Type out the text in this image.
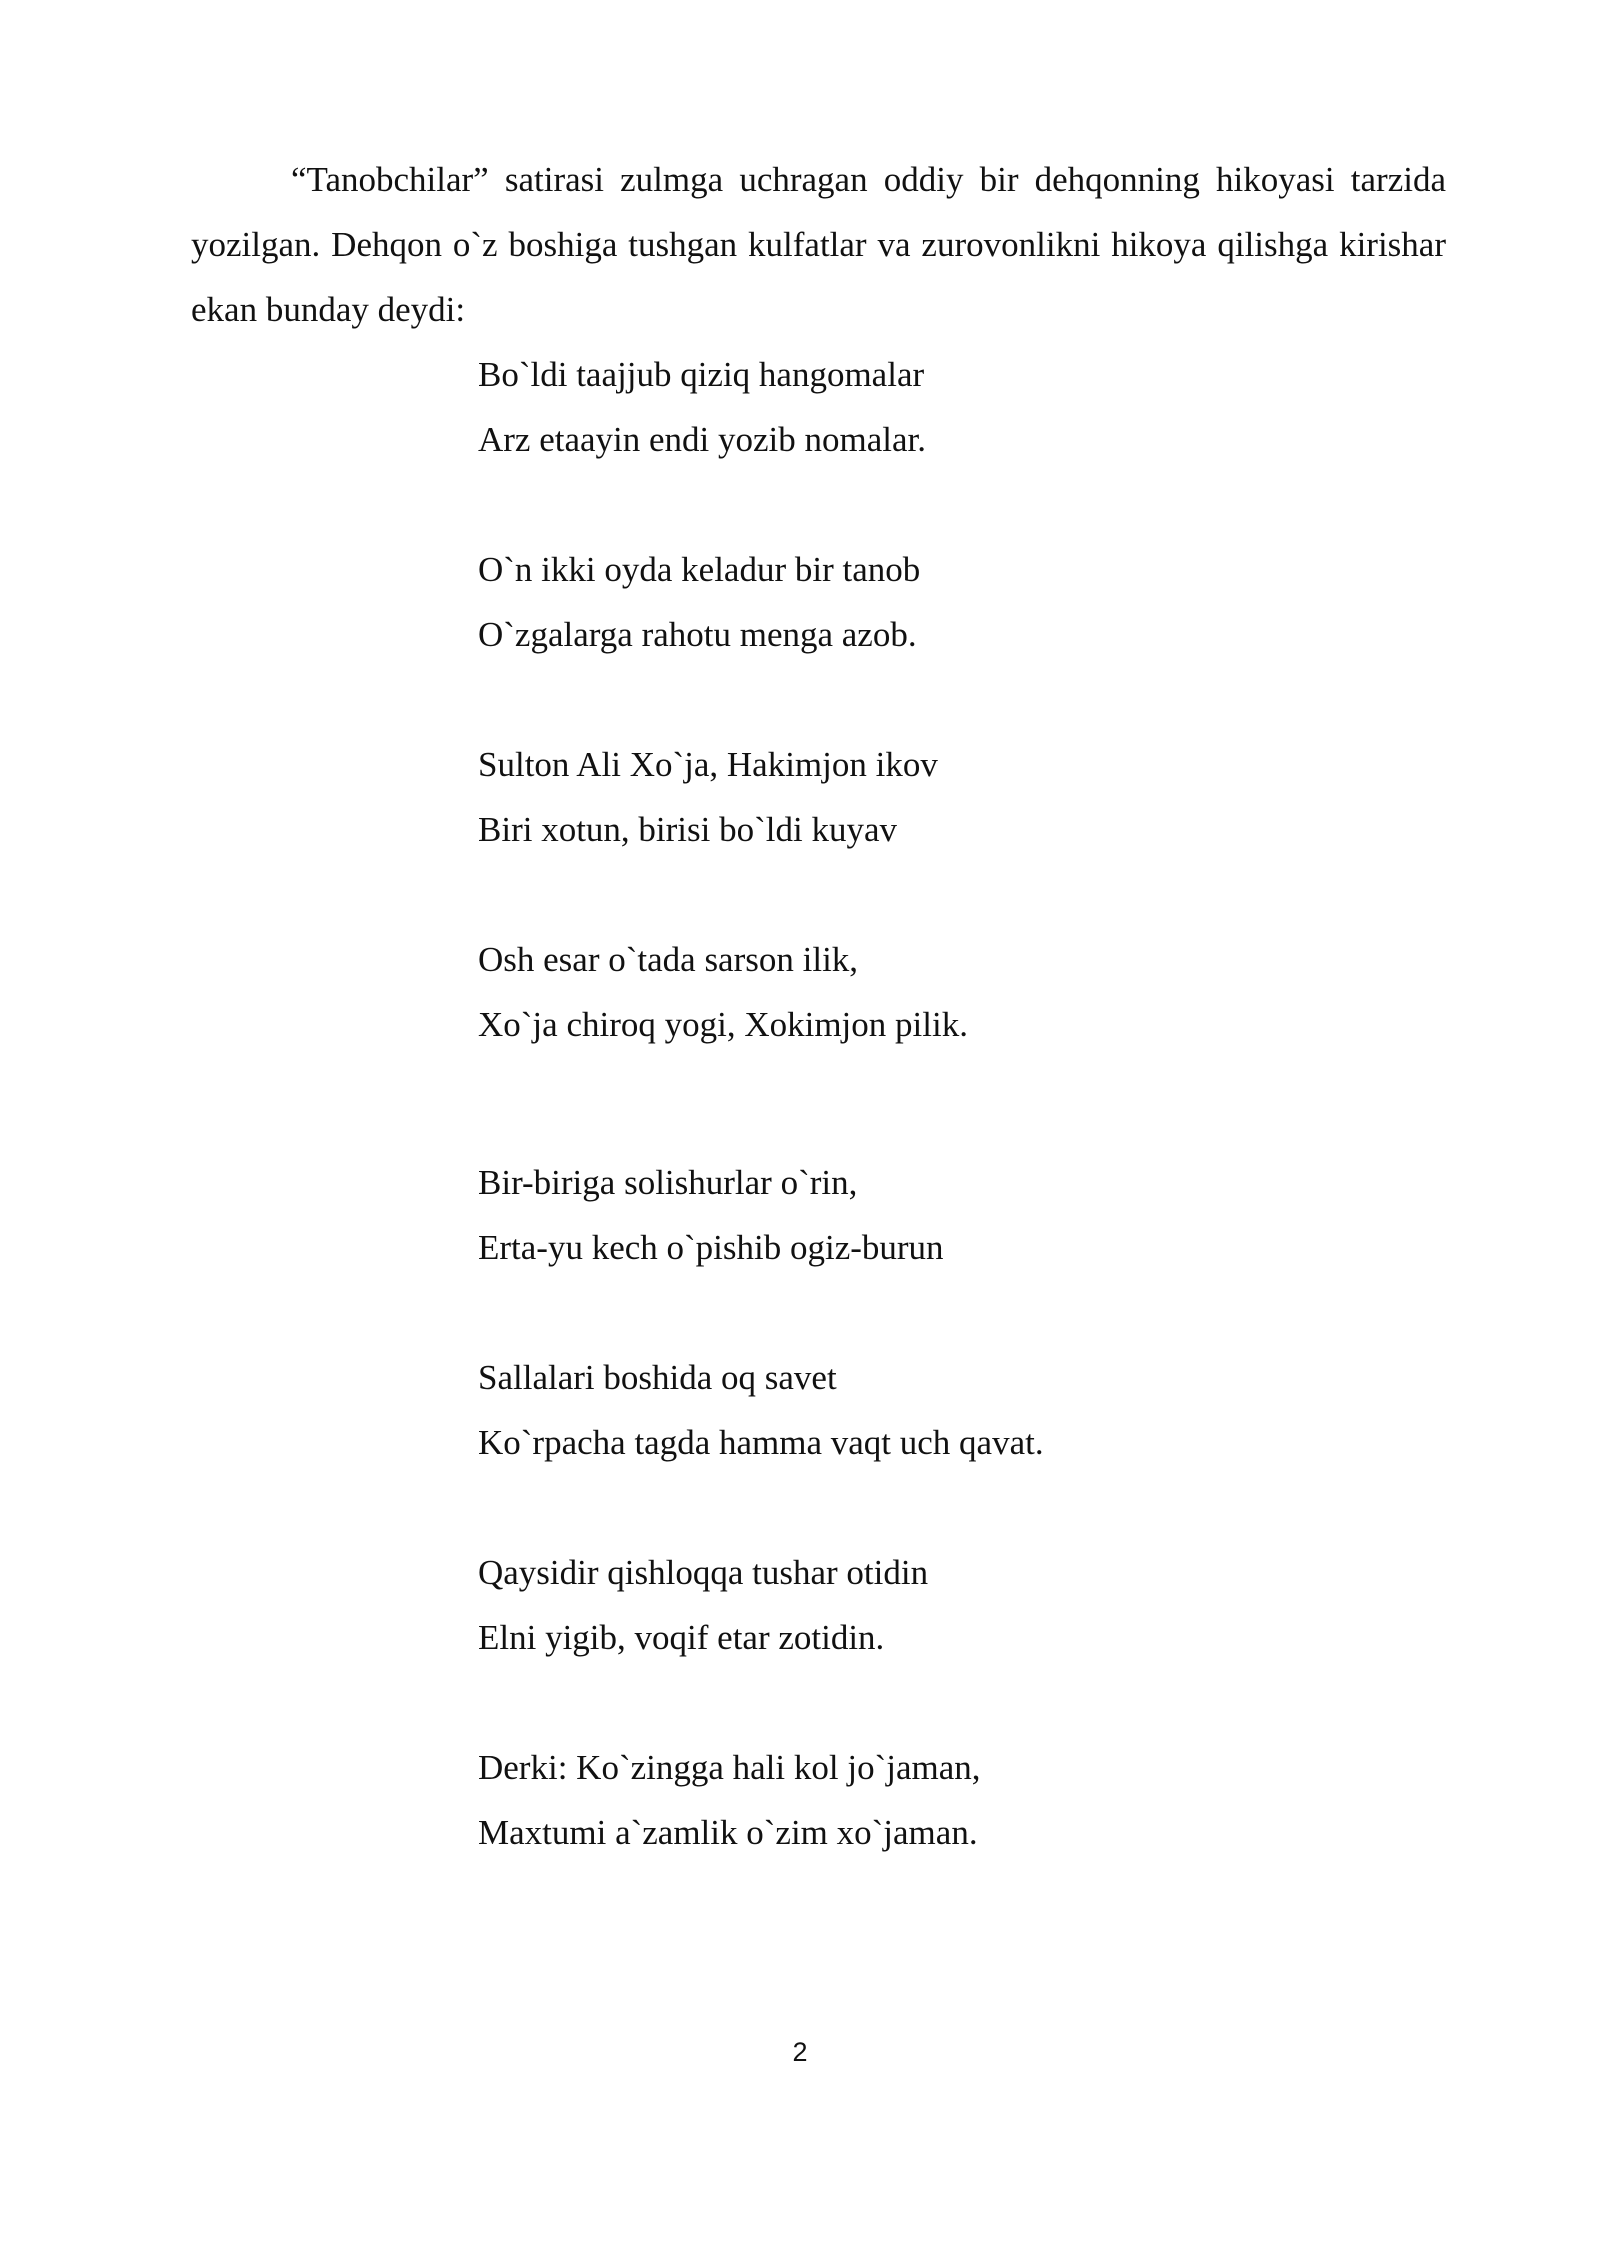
“Tanobchilar” satirasi zulmga uchragan oddiy bir dehqonning hikoyasi tarzida yozilgan. Dehqon o`z boshiga tushgan kulfatlar va zurovonlikni hikoya qilishga kirishar ekan bunday deydi:

Bo`ldi taajjub qiziq hangomalar
Arz etaayin endi yozib nomalar.
O`n ikki oyda keladur bir tanob
O`zgalarga rahotu menga azob.
Sulton Ali Xo`ja, Hakimjon ikov
Biri xotun, birisi bo`ldi kuyav
Osh esar o`tada sarson ilik,
Xo`ja chiroq yogi, Xokimjon pilik.
Bir-biriga solishurlar o`rin,
Erta-yu kech o`pishib ogiz-burun
Sallalari boshida oq savet
Ko`rpacha tagda hamma vaqt uch qavat.
Qaysidir qishloqqa tushar otidin
Elni yigib, voqif etar zotidin.
Derki: Ko`zingga hali kol jo`jaman,
Maxtumi a`zamlik o`zim xo`jaman.
2
